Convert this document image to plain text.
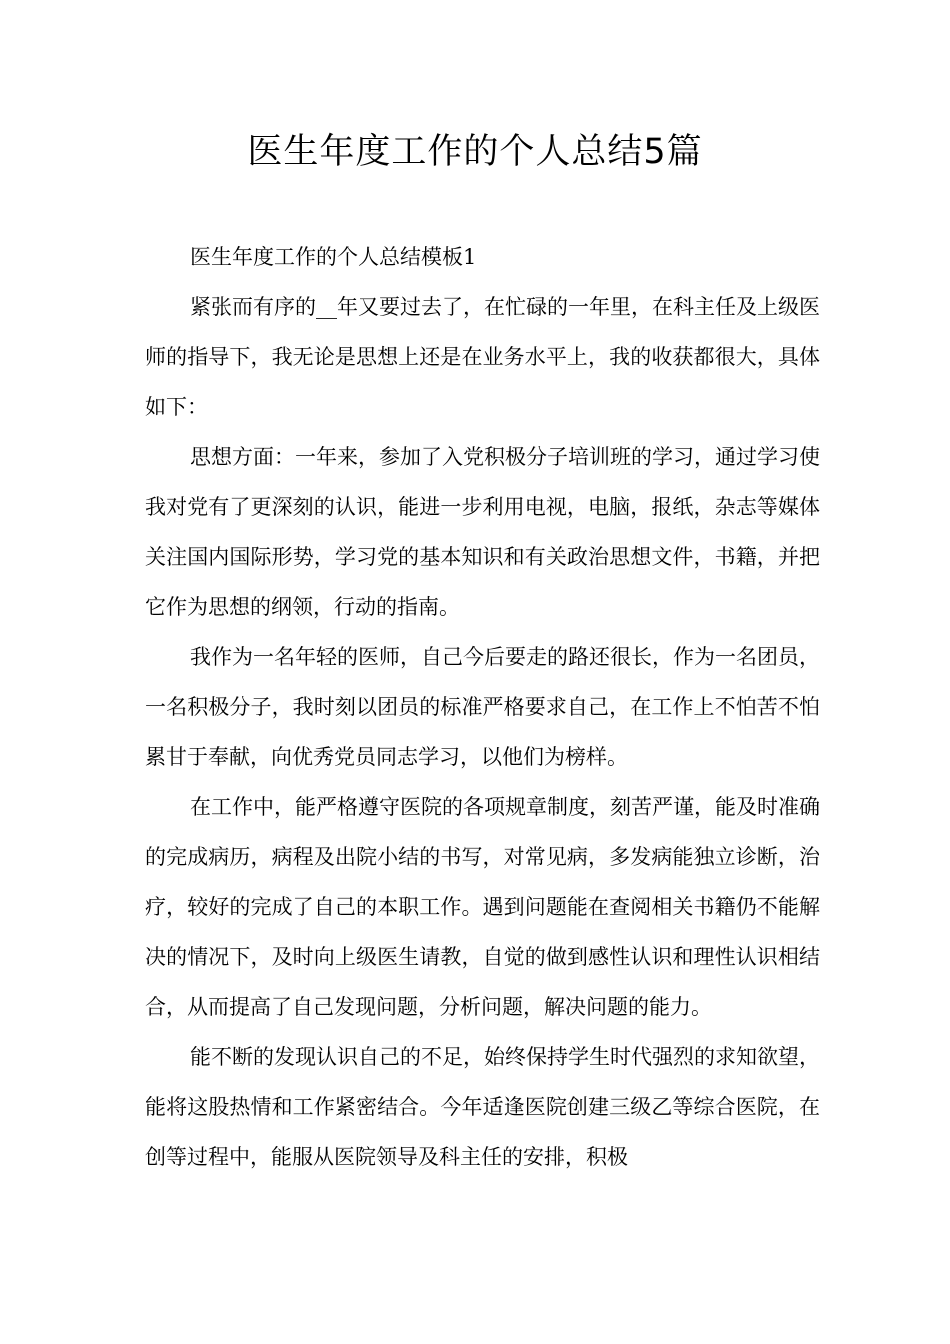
医生年度工作的个人总结5篇

医生年度工作的个人总结模板1

紧张而有序的__年又要过去了，在忙碌的一年里，在科主任及上级医师的指导下，我无论是思想上还是在业务水平上，我的收获都很大，具体如下：

思想方面：一年来，参加了入党积极分子培训班的学习，通过学习使我对党有了更深刻的认识，能进一步利用电视，电脑，报纸，杂志等媒体关注国内国际形势，学习党的基本知识和有关政治思想文件，书籍，并把它作为思想的纲领，行动的指南。

我作为一名年轻的医师，自己今后要走的路还很长，作为一名团员，一名积极分子，我时刻以团员的标准严格要求自己，在工作上不怕苦不怕累甘于奉献，向优秀党员同志学习，以他们为榜样。

在工作中，能严格遵守医院的各项规章制度，刻苦严谨，能及时准确的完成病历，病程及出院小结的书写，对常见病，多发病能独立诊断，治疗，较好的完成了自己的本职工作。遇到问题能在查阅相关书籍仍不能解决的情况下，及时向上级医生请教，自觉的做到感性认识和理性认识相结合，从而提高了自己发现问题，分析问题，解决问题的能力。

能不断的发现认识自己的不足，始终保持学生时代强烈的求知欲望，能将这股热情和工作紧密结合。今年适逢医院创建三级乙等综合医院，在创等过程中，能服从医院领导及科主任的安排，积极
